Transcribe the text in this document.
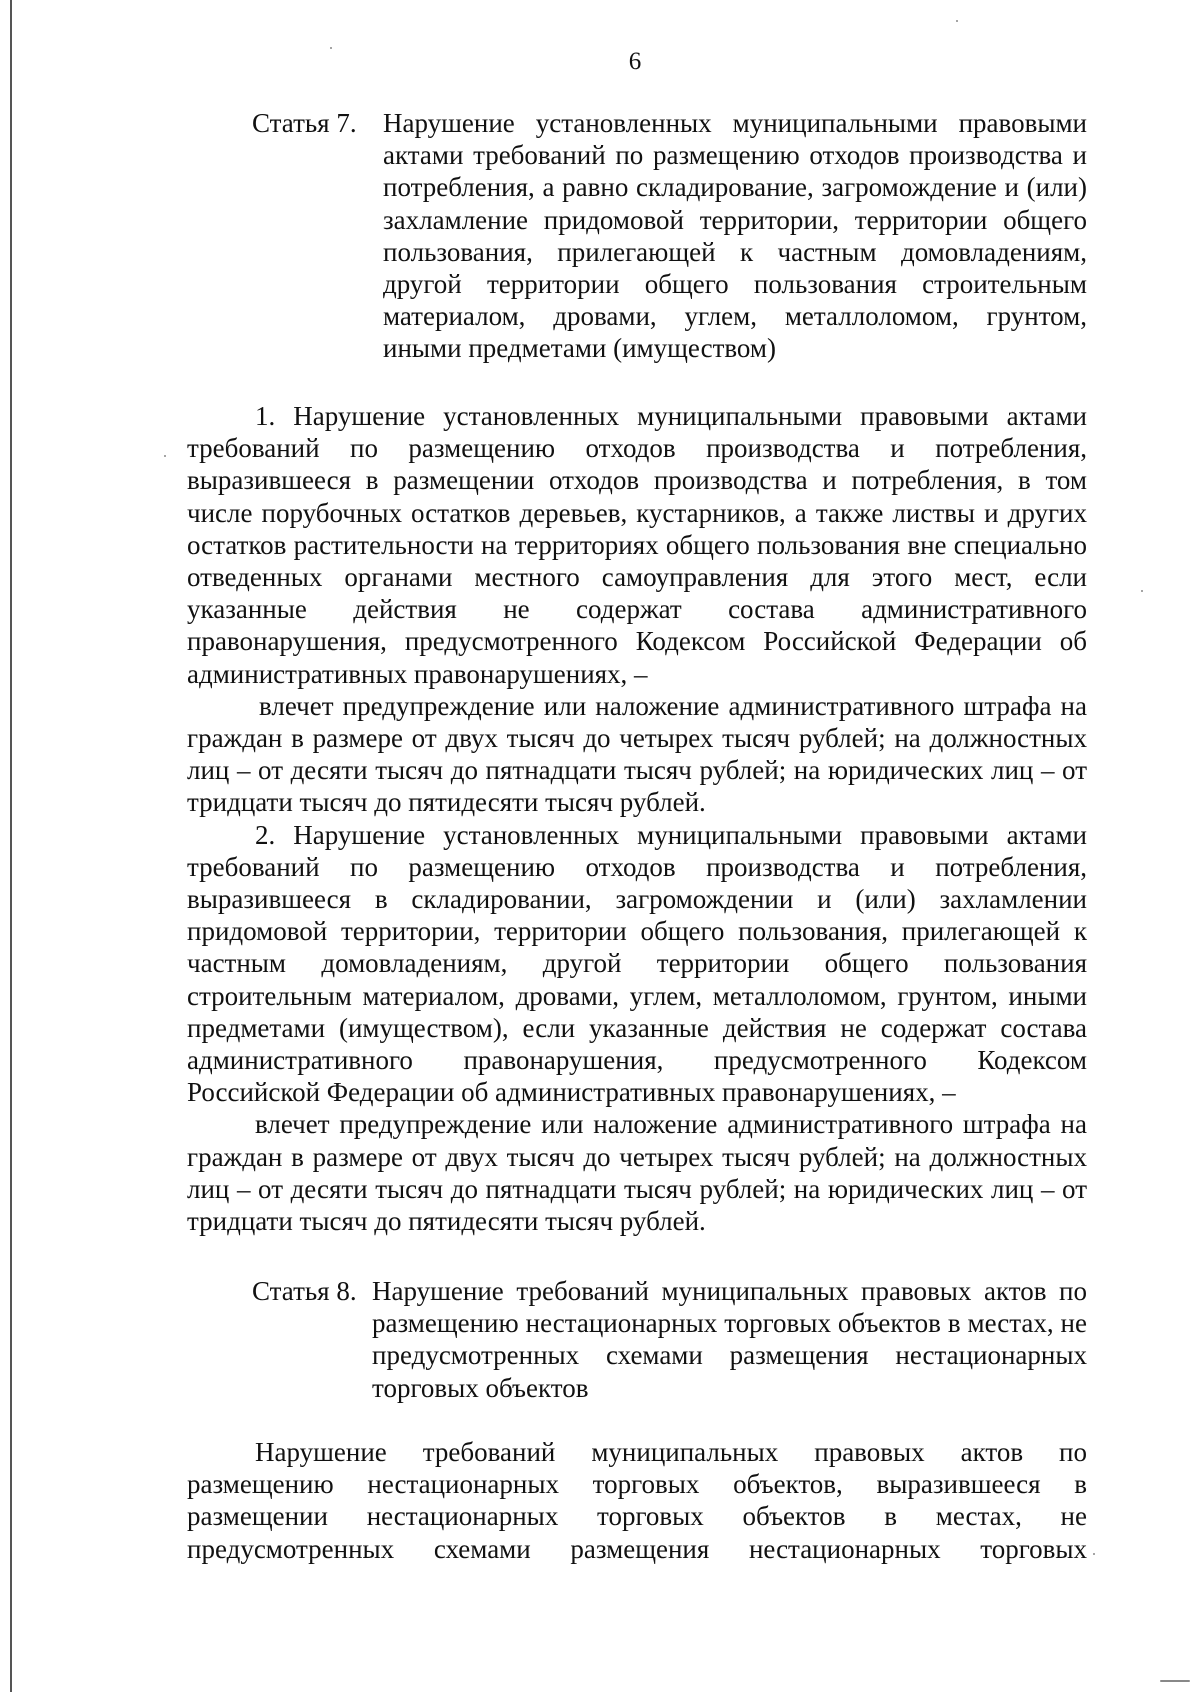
6
Статья 7. Нарушение установленных муниципальными правовыми актами требований по размещению отходов производства и потребления, а равно складирование, загромождение и (или) захламление придомовой территории, территории общего пользования, прилегающей к частным домовладениям, другой территории общего пользования строительным материалом, дровами, углем, металлоломом, грунтом, иными предметами (имуществом)

1. Нарушение установленных муниципальными правовыми актами требований по размещению отходов производства и потребления, выразившееся в размещении отходов производства и потребления, в том числе порубочных остатков деревьев, кустарников, а также листвы и других остатков растительности на территориях общего пользования вне специально отведенных органами местного самоуправления для этого мест, если указанные действия не содержат состава административного правонарушения, предусмотренного Кодексом Российской Федерации об административных правонарушениях, –

влечет предупреждение или наложение административного штрафа на граждан в размере от двух тысяч до четырех тысяч рублей; на должностных лиц – от десяти тысяч до пятнадцати тысяч рублей; на юридических лиц – от тридцати тысяч до пятидесяти тысяч рублей.

2. Нарушение установленных муниципальными правовыми актами требований по размещению отходов производства и потребления, выразившееся в складировании, загромождении и (или) захламлении придомовой территории, территории общего пользования, прилегающей к частным домовладениям, другой территории общего пользования строительным материалом, дровами, углем, металлоломом, грунтом, иными предметами (имуществом), если указанные действия не содержат состава административного правонарушения, предусмотренного Кодексом Российской Федерации об административных правонарушениях, –

влечет предупреждение или наложение административного штрафа на граждан в размере от двух тысяч до четырех тысяч рублей; на должностных лиц – от десяти тысяч до пятнадцати тысяч рублей; на юридических лиц – от тридцати тысяч до пятидесяти тысяч рублей.

Статья 8. Нарушение требований муниципальных правовых актов по размещению нестационарных торговых объектов в местах, не предусмотренных схемами размещения нестационарных торговых объектов

Нарушение требований муниципальных правовых актов по размещению нестационарных торговых объектов, выразившееся в размещении нестационарных торговых объектов в местах, не предусмотренных схемами размещения нестационарных торговых
